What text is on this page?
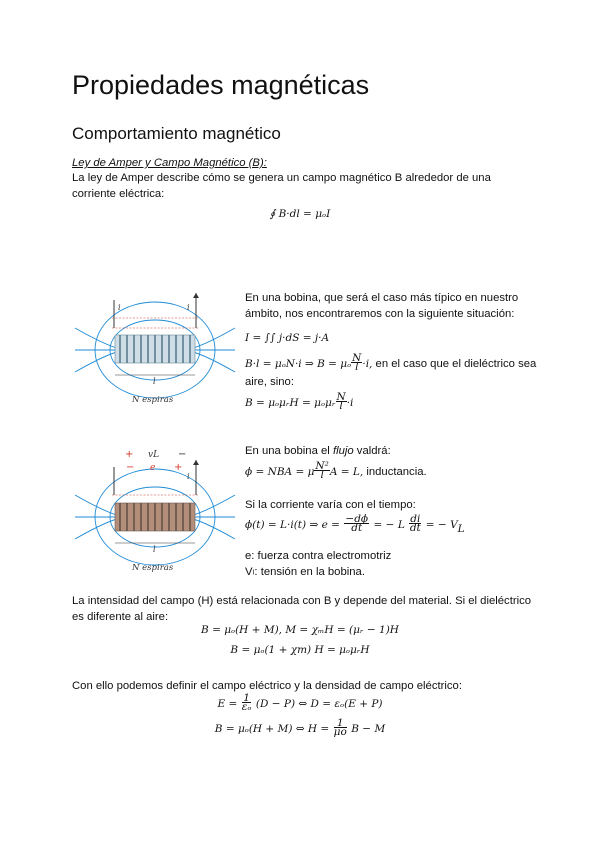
Propiedades magnéticas
Comportamiento magnético
Ley de Amper y Campo Magnético (B):
La ley de Amper describe cómo se genera un campo magnético B alrededor de una corriente eléctrica:
∮ B·dl = μₒI
i	i
l
N espiras
En una bobina, que será el caso más típico en nuestro ámbito, nos encontraremos con la siguiente situación:
I = ∫∫ j·dS = j·A
B·l = μₒN·i ⇒ B = μₒ $\frac{N}{l} \cdot i$, en el caso que el dieléctrico sea aire, sino:
B = μₒμᵣH = μₒμᵣ $\frac{N}{l} \cdot i$
+	−
vL
e
−	+
i
l
N espiras
En una bobina el flujo valdrá:
ϕ = NBA = μ $\frac{\text{N²}}{l}$ A = L, inductancia.
Si la corriente varía con el tiempo:
ϕ(t) = L·i(t) ⇒ $e = \frac{-d\phi}{dt}$ = − L $\frac{di}{dt}$ = − $V_L$
e: fuerza contra electromotriz
Vₗ: tensión en la bobina.
La intensidad del campo (H) está relacionada con B y depende del material. Si el dieléctrico es diferente al aire:
B = μₒ(H + M), M = χₘH = (μᵣ − 1)H
B = μₒ(1 + χm) H = μₒμᵣH
Con ello podemos definir el campo eléctrico y la densidad de campo eléctrico:
$E = \frac{1}{\text{εₒ}} (D - P)$ ⇔ D = εₒ(E + P)
B = μₒ(H + M) ⇔ $H = \frac{1}{\mu o}$ B − M
